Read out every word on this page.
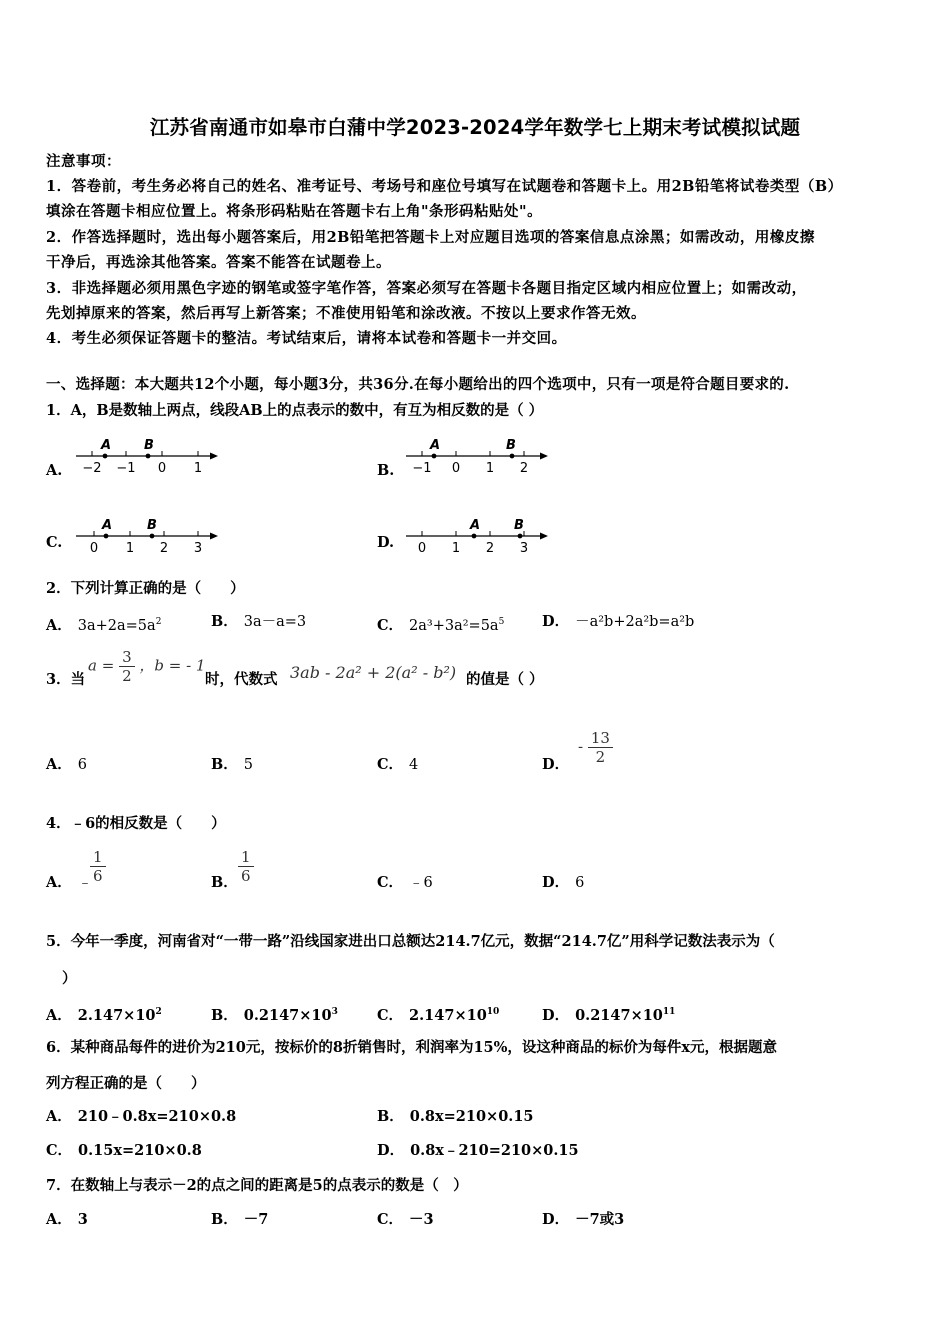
江苏省南通市如皋市白蒲中学2023-2024学年数学七上期末考试模拟试题
注意事项：
1．答卷前，考生务必将自己的姓名、准考证号、考场号和座位号填写在试题卷和答题卡上。用2B铅笔将试卷类型（B）
填涂在答题卡相应位置上。将条形码粘贴在答题卡右上角"条形码粘贴处"。
2．作答选择题时，选出每小题答案后，用2B铅笔把答题卡上对应题目选项的答案信息点涂黑；如需改动，用橡皮擦
干净后，再选涂其他答案。答案不能答在试题卷上。
3．非选择题必须用黑色字迹的钢笔或签字笔作答，答案必须写在答题卡各题目指定区域内相应位置上；如需改动，
先划掉原来的答案，然后再写上新答案；不准使用铅笔和涂改液。不按以上要求作答无效。
4．考生必须保证答题卡的整洁。考试结束后，请将本试卷和答题卡一并交回。
一、选择题：本大题共12个小题，每小题3分，共36分.在每小题给出的四个选项中，只有一项是符合题目要求的.
1．A，B是数轴上两点，线段AB上的点表示的数中，有互为相反数的是（ ）
A.	B.
C.	D.
A	B
−2 −1 0 1
A	B
−1 0 1 2
A	B
0 1 2 3
A	B
0 1 2 3
2．下列计算正确的是（　　）
A． $3a+2a=5a^2$	B． 3a－a=3	C． $2a^3+3a^2=5a^5$	D． －a²b+2a²b=a²b
3．当
$a = \frac{3}{2}$ ，b = - 1
时，代数式 3ab - 2a² + 2(a² - b²) 的值是（ ）
A． 6	B． 5	C． 4	D．
- $\frac{13}{2}$
4．﹣6的相反数是（　　）
A． ﹣
$\frac{1}{6}$	B． $\frac{1}{6}$	C． ﹣6	D． 6
5．今年一季度，河南省对“一带一路”沿线国家进出口总额达214.7亿元，数据“214.7亿”用科学记数法表示为（
）
A． $2.147\times 10^2$	B． $0.2147\times 10^3$	C． $2.147\times 10^{10}$	D． $0.2147\times 10^{11}$
6．某种商品每件的进价为210元，按标价的8折销售时，利润率为15%，设这种商品的标价为每件x元，根据题意
列方程正确的是（　　）
A． 210﹣0.8x=210×0.8	B． 0.8x=210×0.15
C． 0.15x=210×0.8	D． 0.8x﹣210=210×0.15
7．在数轴上与表示－2的点之间的距离是5的点表示的数是（　）
A． 3	B． －7	C． －3	D． －7或3
